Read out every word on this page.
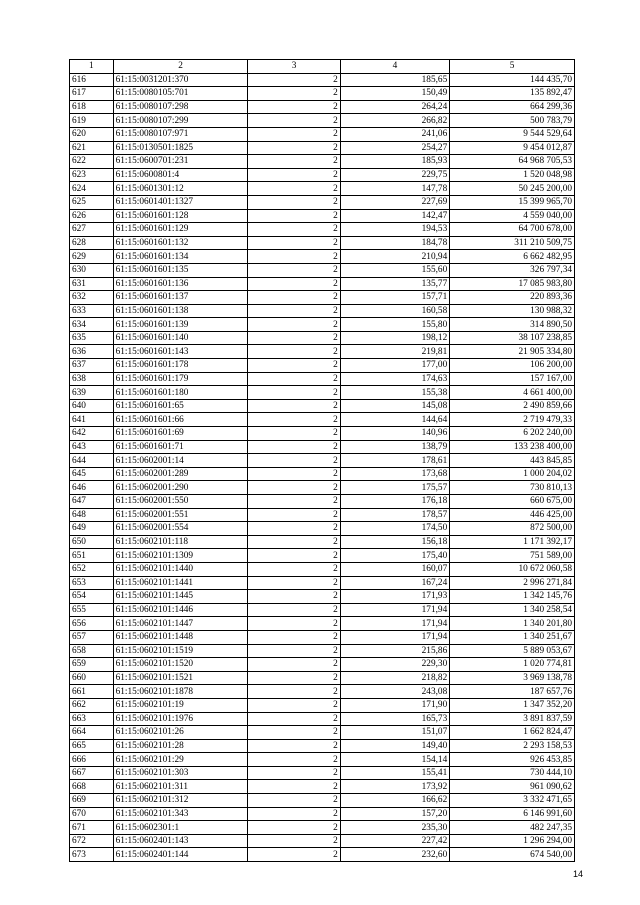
1	2	3	4	5
616	61:15:0031201:370	2	185,65	144 435,70
617	61:15:0080105:701	2	150,49	135 892,47
618	61:15:0080107:298	2	264,24	664 299,36
619	61:15:0080107:299	2	266,82	500 783,79
620	61:15:0080107:971	2	241,06	9 544 529,64
621	61:15:0130501:1825	2	254,27	9 454 012,87
622	61:15:0600701:231	2	185,93	64 968 705,53
623	61:15:0600801:4	2	229,75	1 520 048,98
624	61:15:0601301:12	2	147,78	50 245 200,00
625	61:15:0601401:1327	2	227,69	15 399 965,70
626	61:15:0601601:128	2	142,47	4 559 040,00
627	61:15:0601601:129	2	194,53	64 700 678,00
628	61:15:0601601:132	2	184,78	311 210 509,75
629	61:15:0601601:134	2	210,94	6 662 482,95
630	61:15:0601601:135	2	155,60	326 797,34
631	61:15:0601601:136	2	135,77	17 085 983,80
632	61:15:0601601:137	2	157,71	220 893,36
633	61:15:0601601:138	2	160,58	130 988,32
634	61:15:0601601:139	2	155,80	314 890,50
635	61:15:0601601:140	2	198,12	38 107 238,85
636	61:15:0601601:143	2	219,81	21 905 334,80
637	61:15:0601601:178	2	177,00	106 200,00
638	61:15:0601601:179	2	174,63	157 167,00
639	61:15:0601601:180	2	155,38	4 661 400,00
640	61:15:0601601:65	2	145,08	2 490 859,66
641	61:15:0601601:66	2	144,64	2 719 479,33
642	61:15:0601601:69	2	140,96	6 202 240,00
643	61:15:0601601:71	2	138,79	133 238 400,00
644	61:15:0602001:14	2	178,61	443 845,85
645	61:15:0602001:289	2	173,68	1 000 204,02
646	61:15:0602001:290	2	175,57	730 810,13
647	61:15:0602001:550	2	176,18	660 675,00
648	61:15:0602001:551	2	178,57	446 425,00
649	61:15:0602001:554	2	174,50	872 500,00
650	61:15:0602101:118	2	156,18	1 171 392,17
651	61:15:0602101:1309	2	175,40	751 589,00
652	61:15:0602101:1440	2	160,07	10 672 060,58
653	61:15:0602101:1441	2	167,24	2 996 271,84
654	61:15:0602101:1445	2	171,93	1 342 145,76
655	61:15:0602101:1446	2	171,94	1 340 258,54
656	61:15:0602101:1447	2	171,94	1 340 201,80
657	61:15:0602101:1448	2	171,94	1 340 251,67
658	61:15:0602101:1519	2	215,86	5 889 053,67
659	61:15:0602101:1520	2	229,30	1 020 774,81
660	61:15:0602101:1521	2	218,82	3 969 138,78
661	61:15:0602101:1878	2	243,08	187 657,76
662	61:15:0602101:19	2	171,90	1 347 352,20
663	61:15:0602101:1976	2	165,73	3 891 837,59
664	61:15:0602101:26	2	151,07	1 662 824,47
665	61:15:0602101:28	2	149,40	2 293 158,53
666	61:15:0602101:29	2	154,14	926 453,85
667	61:15:0602101:303	2	155,41	730 444,10
668	61:15:0602101:311	2	173,92	961 090,62
669	61:15:0602101:312	2	166,62	3 332 471,65
670	61:15:0602101:343	2	157,20	6 146 991,60
671	61:15:0602301:1	2	235,30	482 247,35
672	61:15:0602401:143	2	227,42	1 296 294,00
673	61:15:0602401:144	2	232,60	674 540,00
14
